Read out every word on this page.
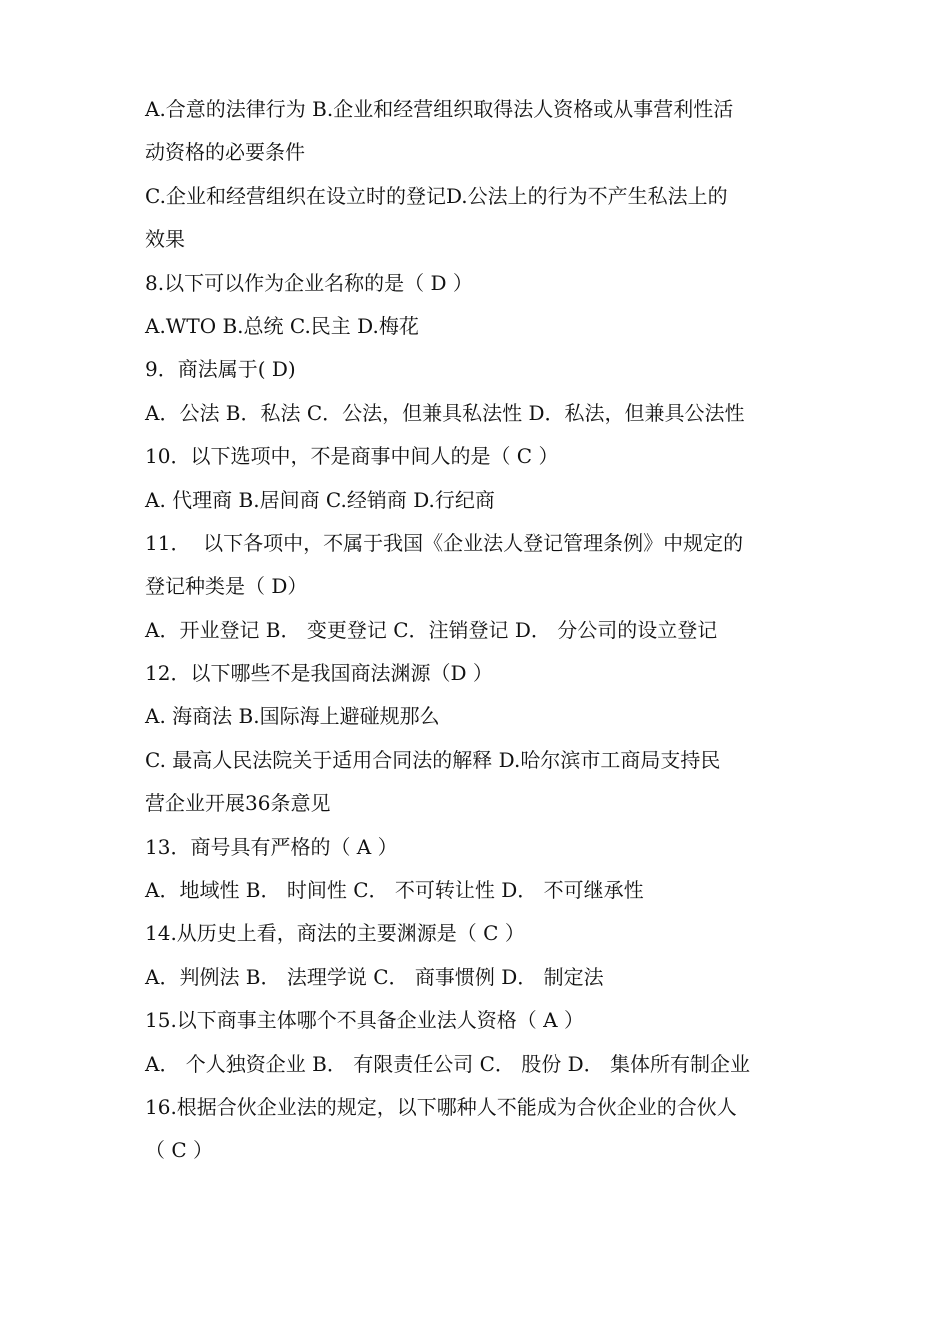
A.合意的法律行为 B.企业和经营组织取得法人资格或从事营利性活
动资格的必要条件
C.企业和经营组织在设立时的登记D.公法上的行为不产生私法上的
效果
8.以下可以作为企业名称的是（ D ）
A.WTO B.总统 C.民主 D.梅花
9．商法属于( D)
A．公法 B．私法 C．公法，但兼具私法性 D．私法，但兼具公法性
10．以下选项中，不是商事中间人的是（ C ）
A. 代理商 B.居间商 C.经销商 D.行纪商
11．  以下各项中，不属于我国《企业法人登记管理条例》中规定的
登记种类是（ D）
A．开业登记 B． 变更登记 C．注销登记 D． 分公司的设立登记
12．以下哪些不是我国商法渊源（D ）
A. 海商法 B.国际海上避碰规那么
C. 最高人民法院关于适用合同法的解释 D.哈尔滨市工商局支持民
营企业开展36条意见
13．商号具有严格的（ A ）
A．地域性 B． 时间性 C． 不可转让性 D． 不可继承性
14.从历史上看，商法的主要渊源是（ C ）
A．判例法 B． 法理学说 C． 商事惯例 D． 制定法
15.以下商事主体哪个不具备企业法人资格（ A ）
A． 个人独资企业 B． 有限责任公司 C． 股份 D． 集体所有制企业
16.根据合伙企业法的规定，以下哪种人不能成为合伙企业的合伙人
（ C ）
